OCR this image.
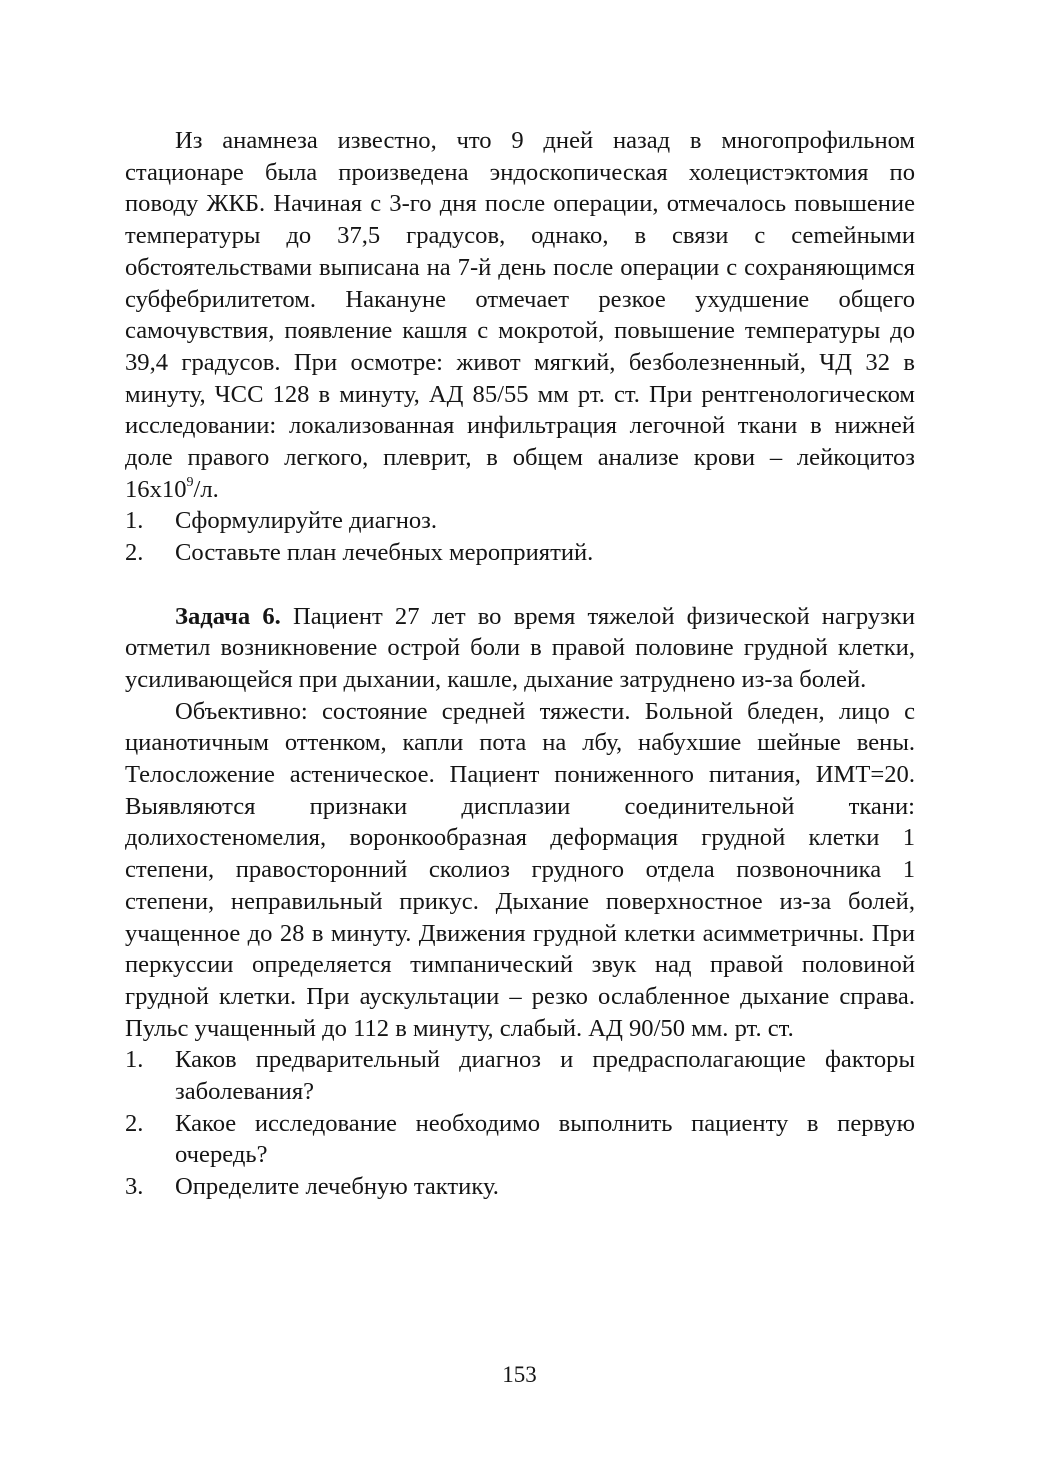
Из анамнеза известно, что 9 дней назад в многопрофильном стационаре была произведена эндоскопическая холецистэктомия по поводу ЖКБ. Начиная с 3-го дня после операции, отмечалось повышение температуры до 37,5 градусов, однако, в связи с сеmейными обстоятельствами выписана на 7-й день после операции с сохраняющимся субфебрилитетом. Накануне отмечает резкое ухудшение общего самочувствия, появление кашля с мокротой, повышение температуры до 39,4 градусов. При осмотре: живот мягкий, безболезненный, ЧД 32 в минуту, ЧСС 128 в минуту, АД 85/55 мм рт. ст. При рентгенологическом исследовании: локализованная инфильтрация легочной ткани в нижней доле правого легкого, плеврит, в общем анализе крови – лейкоцитоз $16х10^9/л$.

1. Сформулируйте диагноз.
2. Составьте план лечебных мероприятий.

Задача 6. Пациент 27 лет во время тяжелой физической нагрузки отметил возникновение острой боли в правой половине грудной клетки, усиливающейся при дыхании, кашле, дыхание затруднено из-за болей.

Объективно: состояние средней тяжести. Больной бледен, лицо с цианотичным оттенком, капли пота на лбу, набухшие шейные вены. Телосложение астеническое. Пациент пониженного питания, ИМТ=20. Выявляются признаки дисплазии соединительной ткани: долихостеномелия, воронкообразная деформация грудной клетки 1 степени, правосторонний сколиоз грудного отдела позвоночника 1 степени, неправильный прикус. Дыхание поверхностное из-за болей, учащенное до 28 в минуту. Движения грудной клетки асимметричны. При перкуссии определяется тимпанический звук над правой половиной грудной клетки. При аускультации – резко ослабленное дыхание справа. Пульс учащенный до 112 в минуту, слабый. АД 90/50 мм. рт. ст.

1. Каков предварительный диагноз и предрасполагающие факторы заболевания?
2. Какое исследование необходимо выполнить пациенту в первую очередь?
3. Определите лечебную тактику.
153
